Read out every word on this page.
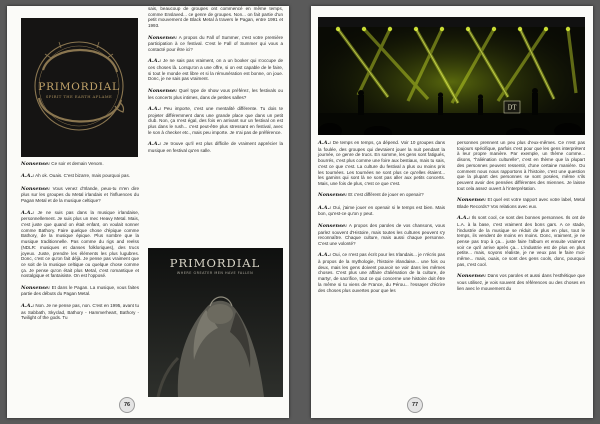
PRIMORDIAL
SPIRIT THE EARTH AFLAME

Nonsense: Ce soir et demain Venom.

A.A.: Ah ok. Ouais. C'est bizarre, mais pourquoi pas.

Nonsense: Vous venez d'Irlande, peux-tu m'en dire plus sur les groupes du Metal irlandais et l'influences du Pagan Metal et de la musique celtique?

A.A.: Je ne suis pas dans la musique irlandaise, personnellement. Je suis plus un mec Heavy Metal. Mais, c'est juste que quand on était enfant, on voulait sonner comme Bathory. Faire quelque chose d'épique comme Bathory, de la musique épique. Plus sombre que la musique traditionnelle. Pas comme du rigs and reelss (NDLR: musiques et danses folkloriques), des trucs joyeux. Juste, prendre les éléments les plus lugubres. Donc, c'est ce qu'on fait déjà. Je pense pas vraiment que ce soit de la musique celtique ou quelque chose comme ça. Je pense qu'on était plus Metal, c'est romantique et nostalgique et fantaisiste. On est l'opposé.

Nonsense: Et dans le Pagan. La musique, vous faites partie des débuts du Pagan Metal.

A.A.: Non. Je ne pense pas, non. C'est en 1995, avant tu as Sabbath, Skyclad, Bathory - Hammerheart, Bathory - Twilight of the gods. Tu

sais, beaucoup de groupes ont commencé en même temps, comme Enslaved... ce genre de groupes. Non... on fait partie d'un petit mouvement de Black Metal à travers le Pagan, entre 1991 et 1993.

Nonsense: A propos du Fall of Summer, c'est votre première participation à ce festival. C'est le Fall of Summer qui vous a contacté pour être ici?

A.A.: Je ne sais pas vraiment, on a un booker qui s'occupe de ces choses là. Lorsqu'on a une offre, si on est capable de le faire, si tout le monde est libre et si la rémunération est bonne, on joue. Donc, je ne sais pas vraiment.

Nonsense: Quel type de show vous préférez, les festivals ou les concerts plus intimes, dans de petites salles?

A.A.: Peu importe, c'est une mentalité différente. Tu dois te projeter différemment dans une grande place que dans un petit club. Non, ça n'est égal, des fois en arrivant sur un festival on est plus dans le rush... c'est peut-être plus stressant en festival, avec le son à checker etc., mais peu importe. Je n'ai pas de préférence.

A.A.: Je trouve qu'il est plus difficile de vraiment apprécier la musique en festival qu'en salle.

PRIMORDIAL
WHERE GREATER MEN HAVE FALLEN
76
DT

A.A.: De temps en temps, ça dépend. Voir 10 groupes dans la foulée, des groupes qui devraient jouer la nuit pendant la journée, ce genre de trucs. En somme, les gens sont fatigués, bourrés, c'est plus comme une foire aux bestiaux, mais tu sais, c'est ce que c'est. La culture du festival a plus ou moins pris les tournées. Les tournées ne sont plus ce qu'elles étaient... les gamins qui sont là ne sont pas aller aux petits concerts. Mais, une fois de plus, c'est ce que c'est.

Nonsense: Et c'est différent de jouer en openair?

A.A.: Oui, j'aime jouer en openair si le temps est bien. Mais bon, qu'est-ce qu'on y peut.

Nonsense: A propos des paroles de vos chansons, vous parlez souvent d'Histoire, mais toutes les cultures peuvent s'y reconnaître. Chaque culture, mais aussi chaque personne. C'est une volonté?

A.A.: Oui, ce n'est pas écrit pour les Irlandais... je n'écris pas à propos de la mythologie, l'histoire irlandaise... une fois ou deux, mais les gens doivent pouvoir se voir dans les mêmes choses. C'est plus une affaire d'aliénation de la culture, de martyr, de sacrifice, tout ce qui concerne une histoire doit être la même si tu viens de France, du Pérou... l'essayer d'écrire des choses plus ouvertes pour que les

personnes prennent un peu plus d'eux-mêmes. Ce n'est pas toujours spécifique, parfois c'est pour que les gens interprètent à leur propre manière. Par exemple, un thème comme... disons, "l'aliénation culturelle", c'est en thème que la plupart des personnes peuvent ressentir, d'une certaine manière. Ou comment nous nous rapportons à l'histoire, c'est une question que la plupart des personnes se sont posées, même s'ils peuvent avoir des pensées différentes des miennes. Je laisse tout cela assez ouvert à l'interprétation.

Nonsense: Et quel est votre rapport avec votre label, Metal Blade Records? Vos relations avec eux.

A.A.: Ils sont cool, ce sont des bonnes personnes. Ils ont de L.A. à la base, c'est vraiment des bons gars. A ce stade, l'industrie de la musique se réduit de plus en plus, tout le temps, ils vendent de moins en moins. Donc, vraiment, je ne pense pas trop à ça... juste faire l'album et ensuite vraiment voir ce qu'il arrive après ça... L'industrie est de plus en plus petite... mais, soyons réaliste, je ne veux pas le faire moi-même... mais, ouais, ce sont des gens cools, donc, pourquoi pas, c'est cool.

Nonsense: Dans vos paroles et aussi dans l'esthétique que vous utilisez, je vois souvent des références ou des choses en lien avec le mouvement du

77
